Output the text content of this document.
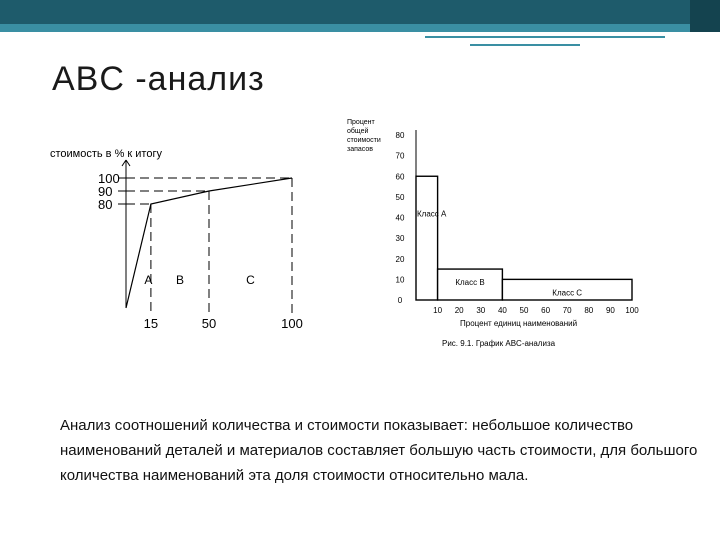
ABC -анализ
стоимость в % к итогу
100
90
80
15	50	100
A B	C
Процент
общей
стоимости
запасов
Процент единиц наименований
Рис. 9.1. График ABC-анализа
80
70
60
50
40
30
20
10
0
10 20 30 40 50 60 70 80 90 100
Класс A
Класс B
Класс C
Анализ соотношений количества и стоимости показывает: небольшое количество наименований деталей и материалов составляет большую часть стоимости, для большого количества наименований эта доля стоимости относительно мала.
